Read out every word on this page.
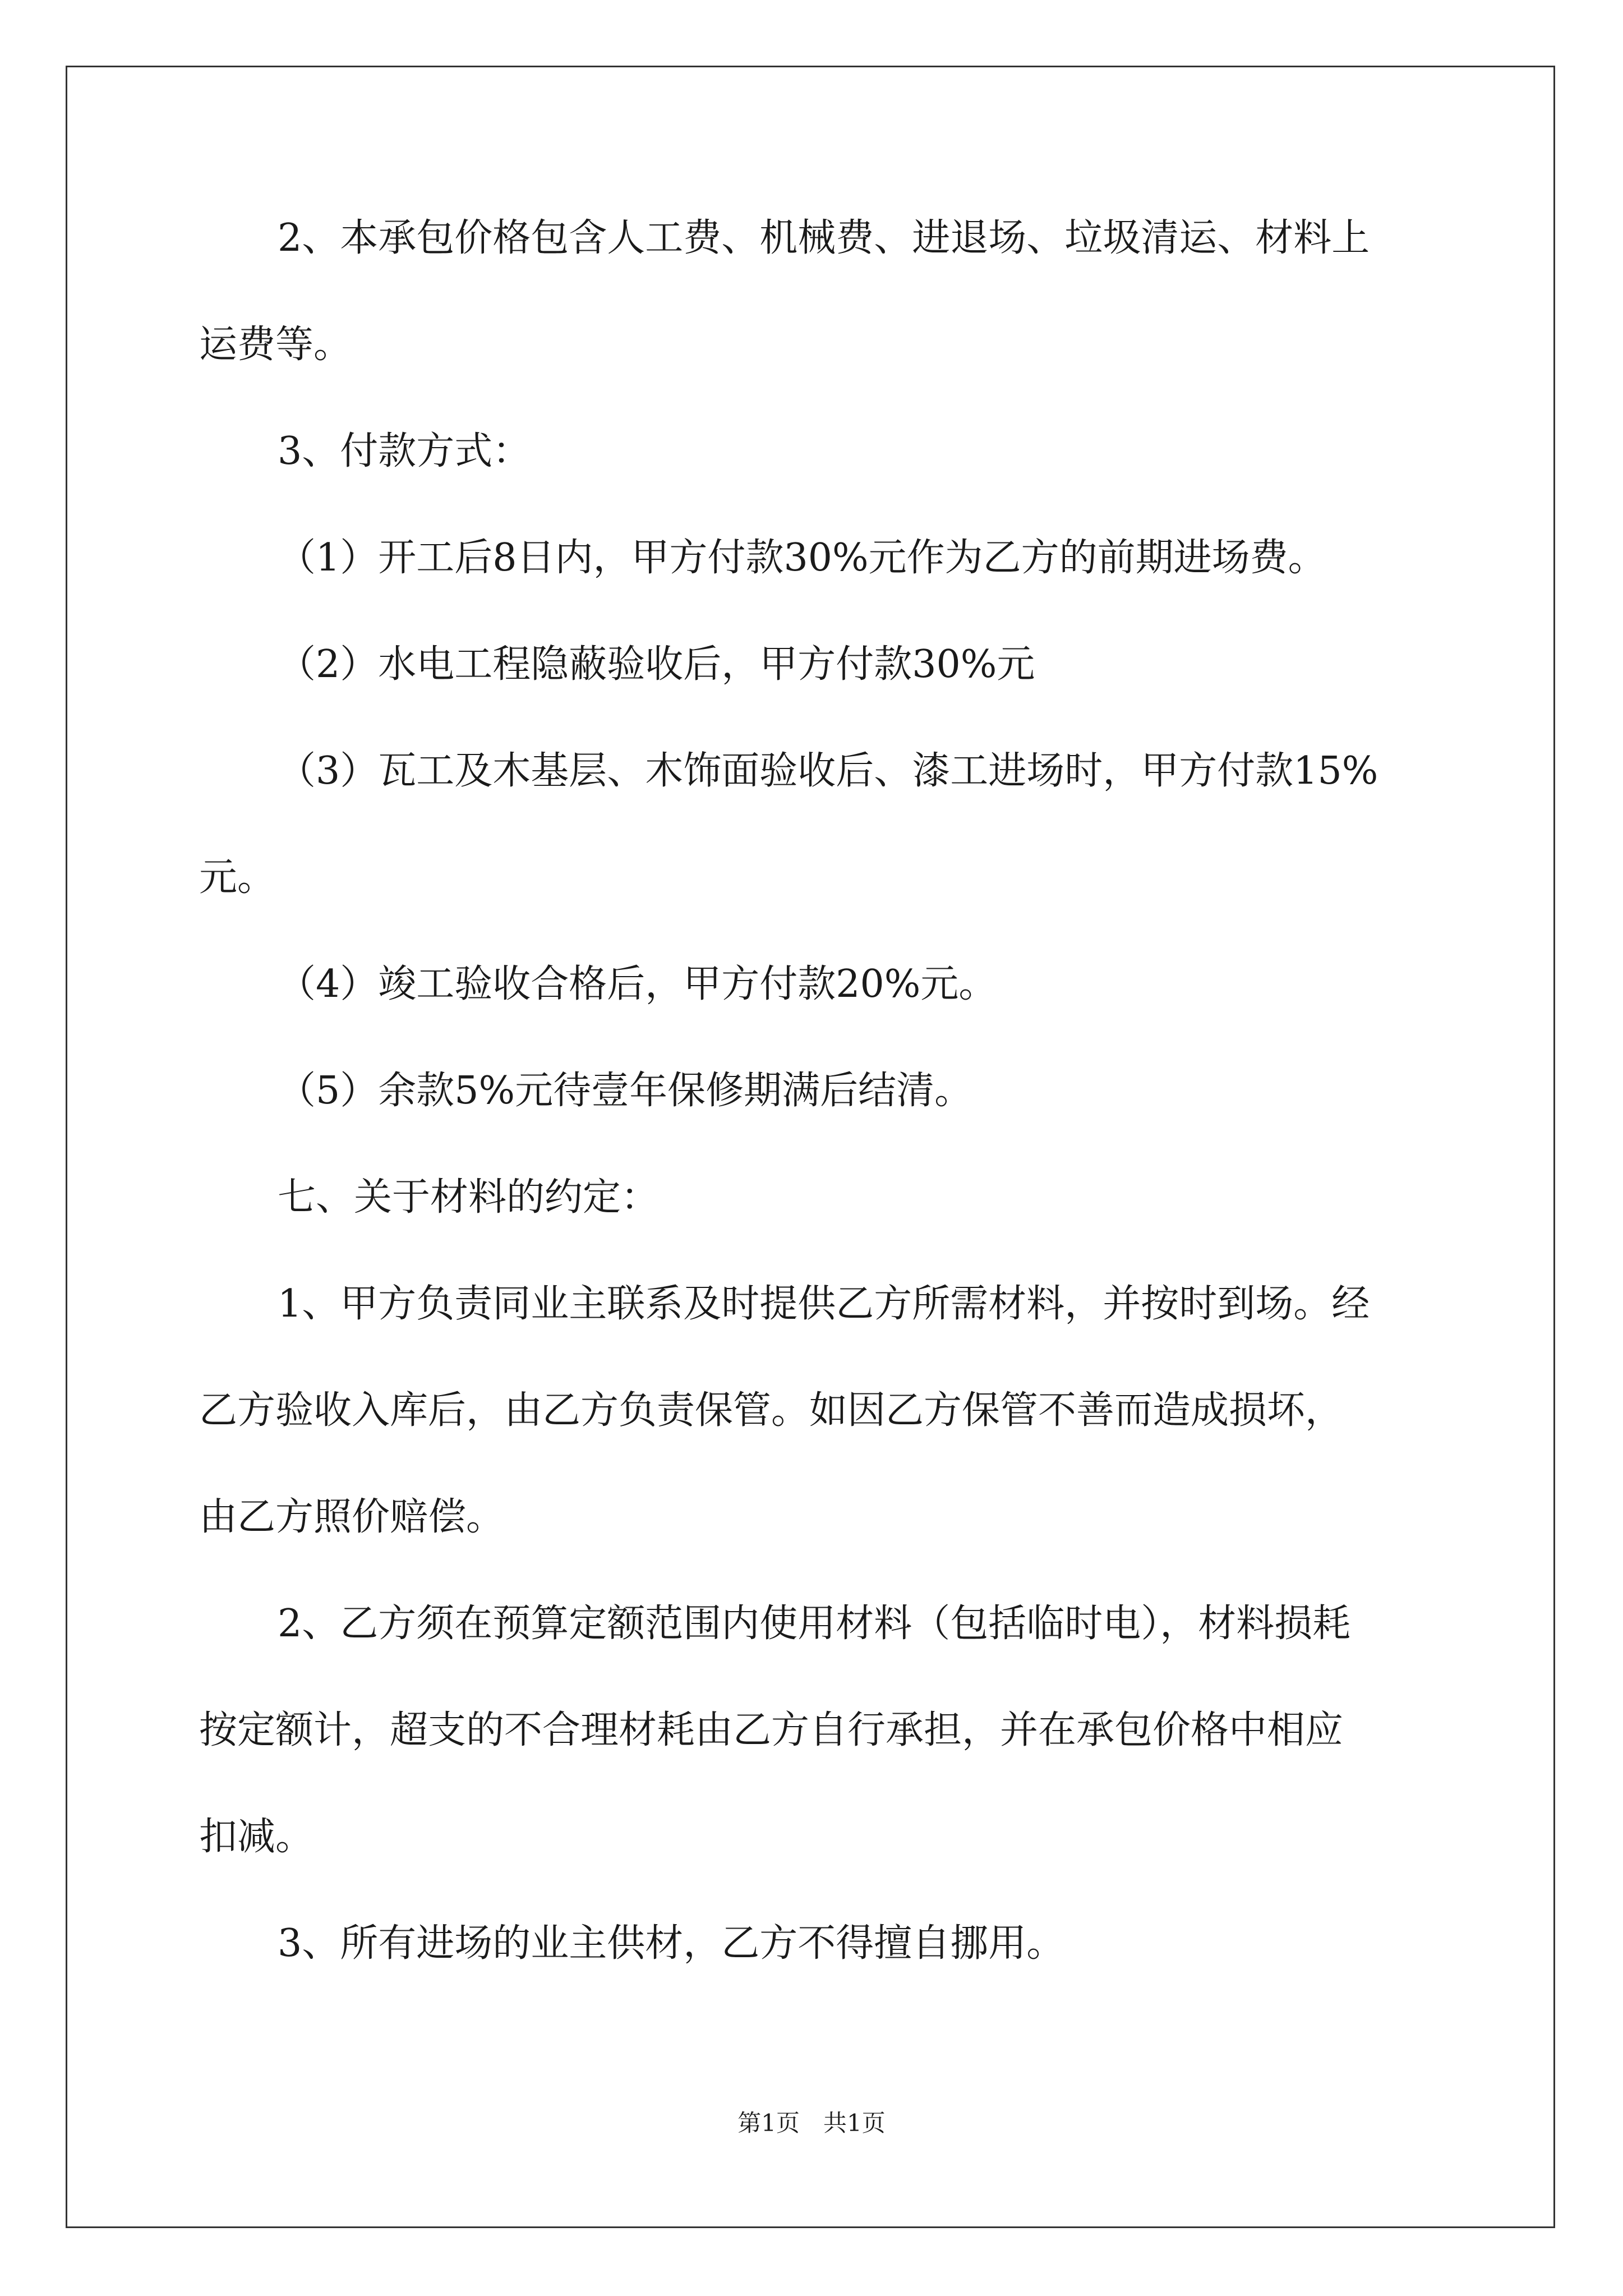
2、本承包价格包含人工费、机械费、进退场、垃圾清运、材料上
运费等。
3、付款方式：
（1）开工后8日内，甲方付款30%元作为乙方的前期进场费。
（2）水电工程隐蔽验收后，甲方付款30%元
（3）瓦工及木基层、木饰面验收后、漆工进场时，甲方付款15%
元。
（4）竣工验收合格后，甲方付款20%元。
（5）余款5%元待壹年保修期满后结清。
七、关于材料的约定：
1、甲方负责同业主联系及时提供乙方所需材料，并按时到场。经
乙方验收入库后，由乙方负责保管。如因乙方保管不善而造成损坏，
由乙方照价赔偿。
2、乙方须在预算定额范围内使用材料（包括临时电），材料损耗
按定额计，超支的不合理材耗由乙方自行承担，并在承包价格中相应
扣减。
3、所有进场的业主供材，乙方不得擅自挪用。
第1页　共1页
